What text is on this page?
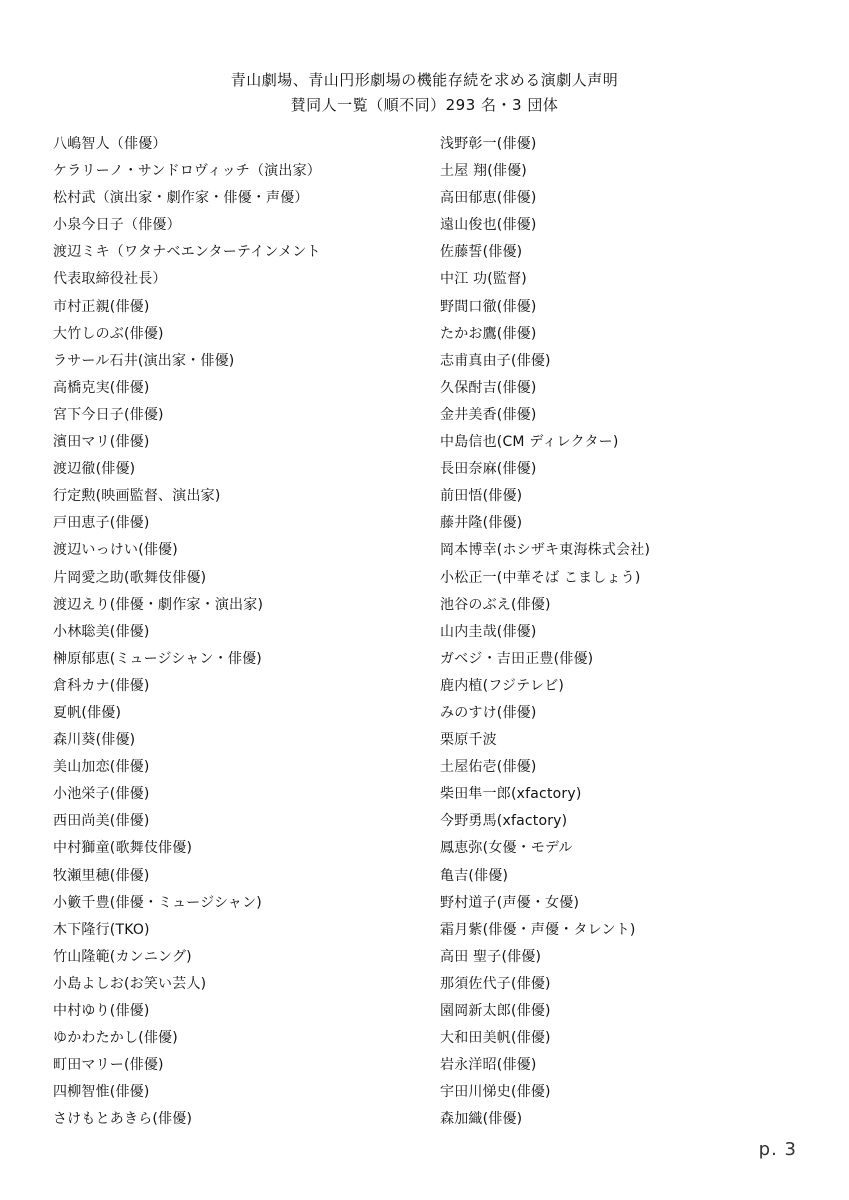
青山劇場、青山円形劇場の機能存続を求める演劇人声明
賛同人一覧（順不同）293 名・3 団体
八嶋智人（俳優）
ケラリーノ・サンドロヴィッチ（演出家）
松村武（演出家・劇作家・俳優・声優）
小泉今日子（俳優）
渡辺ミキ（ワタナベエンターテインメント
代表取締役社長）
市村正親(俳優)
大竹しのぶ(俳優)
ラサール石井(演出家・俳優)
高橋克実(俳優)
宮下今日子(俳優)
濱田マリ(俳優)
渡辺徹(俳優)
行定勲(映画監督、演出家)
戸田恵子(俳優)
渡辺いっけい(俳優)
片岡愛之助(歌舞伎俳優)
渡辺えり(俳優・劇作家・演出家)
小林聡美(俳優)
榊原郁恵(ミュージシャン・俳優)
倉科カナ(俳優)
夏帆(俳優)
森川葵(俳優)
美山加恋(俳優)
小池栄子(俳優)
西田尚美(俳優)
中村獅童(歌舞伎俳優)
牧瀬里穂(俳優)
小籔千豊(俳優・ミュージシャン)
木下隆行(TKO)
竹山隆範(カンニング)
小島よしお(お笑い芸人)
中村ゆり(俳優)
ゆかわたかし(俳優)
町田マリー(俳優)
四柳智惟(俳優)
さけもとあきら(俳優)
浅野彰一(俳優)
土屋 翔(俳優)
高田郁恵(俳優)
遠山俊也(俳優)
佐藤誓(俳優)
中江 功(監督)
野間口徹(俳優)
たかお鷹(俳優)
志甫真由子(俳優)
久保酎吉(俳優)
金井美香(俳優)
中島信也(CM ディレクター)
長田奈麻(俳優)
前田悟(俳優)
藤井隆(俳優)
岡本博幸(ホシザキ東海株式会社)
小松正一(中華そば こましょう)
池谷のぶえ(俳優)
山内圭哉(俳優)
ガベジ・吉田正豊(俳優)
鹿内植(フジテレビ)
みのすけ(俳優)
栗原千波
土屋佑壱(俳優)
柴田隼一郎(xfactory)
今野勇馬(xfactory)
鳳恵弥(女優・モデル
亀吉(俳優)
野村道子(声優・女優)
霜月紫(俳優・声優・タレント)
高田 聖子(俳優)
那須佐代子(俳優)
園岡新太郎(俳優)
大和田美帆(俳優)
岩永洋昭(俳優)
宇田川悌史(俳優)
森加織(俳優)
p. 3
